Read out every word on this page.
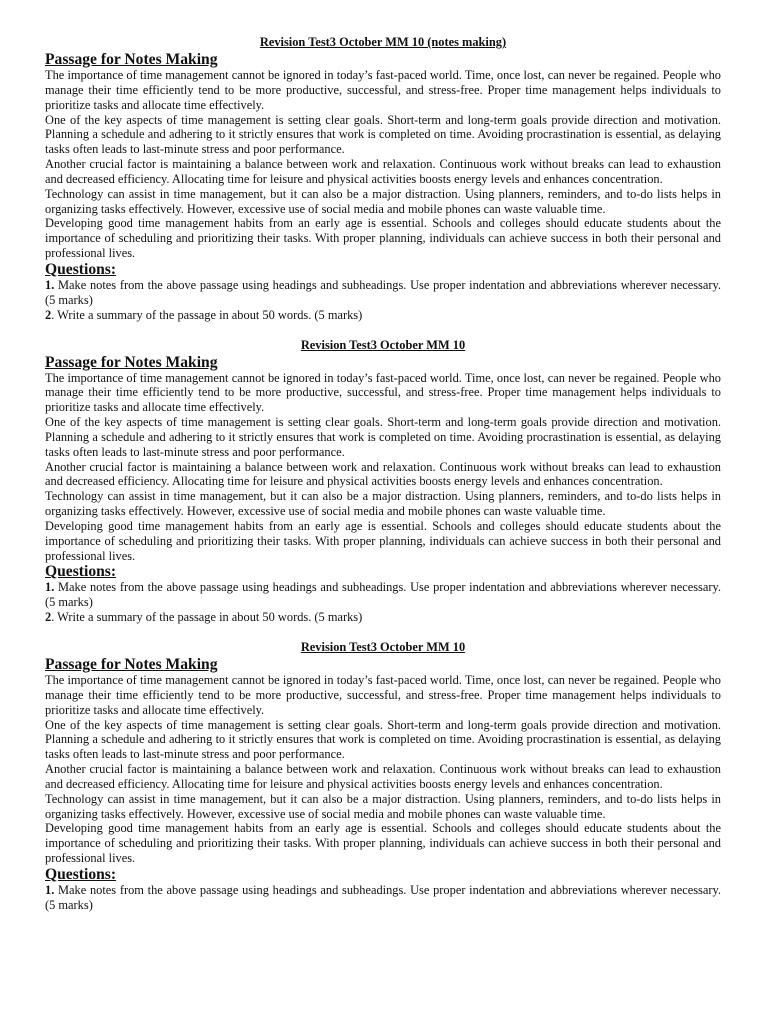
Revision Test3 October MM 10 (notes making)
Passage for Notes Making

The importance of time management cannot be ignored in today’s fast-paced world. Time, once lost, can never be regained. People who manage their time efficiently tend to be more productive, successful, and stress-free. Proper time management helps individuals to prioritize tasks and allocate time effectively.

One of the key aspects of time management is setting clear goals. Short-term and long-term goals provide direction and motivation. Planning a schedule and adhering to it strictly ensures that work is completed on time. Avoiding procrastination is essential, as delaying tasks often leads to last-minute stress and poor performance.

Another crucial factor is maintaining a balance between work and relaxation. Continuous work without breaks can lead to exhaustion and decreased efficiency. Allocating time for leisure and physical activities boosts energy levels and enhances concentration.

Technology can assist in time management, but it can also be a major distraction. Using planners, reminders, and to-do lists helps in organizing tasks effectively. However, excessive use of social media and mobile phones can waste valuable time.

Developing good time management habits from an early age is essential. Schools and colleges should educate students about the importance of scheduling and prioritizing their tasks. With proper planning, individuals can achieve success in both their personal and professional lives.

Questions:

1. Make notes from the above passage using headings and subheadings. Use proper indentation and abbreviations wherever necessary. (5 marks)

2. Write a summary of the passage in about 50 words. (5 marks)

Revision Test3 October MM 10
Passage for Notes Making

The importance of time management cannot be ignored in today’s fast-paced world. Time, once lost, can never be regained. People who manage their time efficiently tend to be more productive, successful, and stress-free. Proper time management helps individuals to prioritize tasks and allocate time effectively.

One of the key aspects of time management is setting clear goals. Short-term and long-term goals provide direction and motivation. Planning a schedule and adhering to it strictly ensures that work is completed on time. Avoiding procrastination is essential, as delaying tasks often leads to last-minute stress and poor performance.

Another crucial factor is maintaining a balance between work and relaxation. Continuous work without breaks can lead to exhaustion and decreased efficiency. Allocating time for leisure and physical activities boosts energy levels and enhances concentration.

Technology can assist in time management, but it can also be a major distraction. Using planners, reminders, and to-do lists helps in organizing tasks effectively. However, excessive use of social media and mobile phones can waste valuable time.

Developing good time management habits from an early age is essential. Schools and colleges should educate students about the importance of scheduling and prioritizing their tasks. With proper planning, individuals can achieve success in both their personal and professional lives.

Questions:

1. Make notes from the above passage using headings and subheadings. Use proper indentation and abbreviations wherever necessary. (5 marks)

2. Write a summary of the passage in about 50 words. (5 marks)

Revision Test3 October MM 10
Passage for Notes Making

The importance of time management cannot be ignored in today’s fast-paced world. Time, once lost, can never be regained. People who manage their time efficiently tend to be more productive, successful, and stress-free. Proper time management helps individuals to prioritize tasks and allocate time effectively.

One of the key aspects of time management is setting clear goals. Short-term and long-term goals provide direction and motivation. Planning a schedule and adhering to it strictly ensures that work is completed on time. Avoiding procrastination is essential, as delaying tasks often leads to last-minute stress and poor performance.

Another crucial factor is maintaining a balance between work and relaxation. Continuous work without breaks can lead to exhaustion and decreased efficiency. Allocating time for leisure and physical activities boosts energy levels and enhances concentration.

Technology can assist in time management, but it can also be a major distraction. Using planners, reminders, and to-do lists helps in organizing tasks effectively. However, excessive use of social media and mobile phones can waste valuable time.

Developing good time management habits from an early age is essential. Schools and colleges should educate students about the importance of scheduling and prioritizing their tasks. With proper planning, individuals can achieve success in both their personal and professional lives.

Questions:

1. Make notes from the above passage using headings and subheadings. Use proper indentation and abbreviations wherever necessary. (5 marks)
